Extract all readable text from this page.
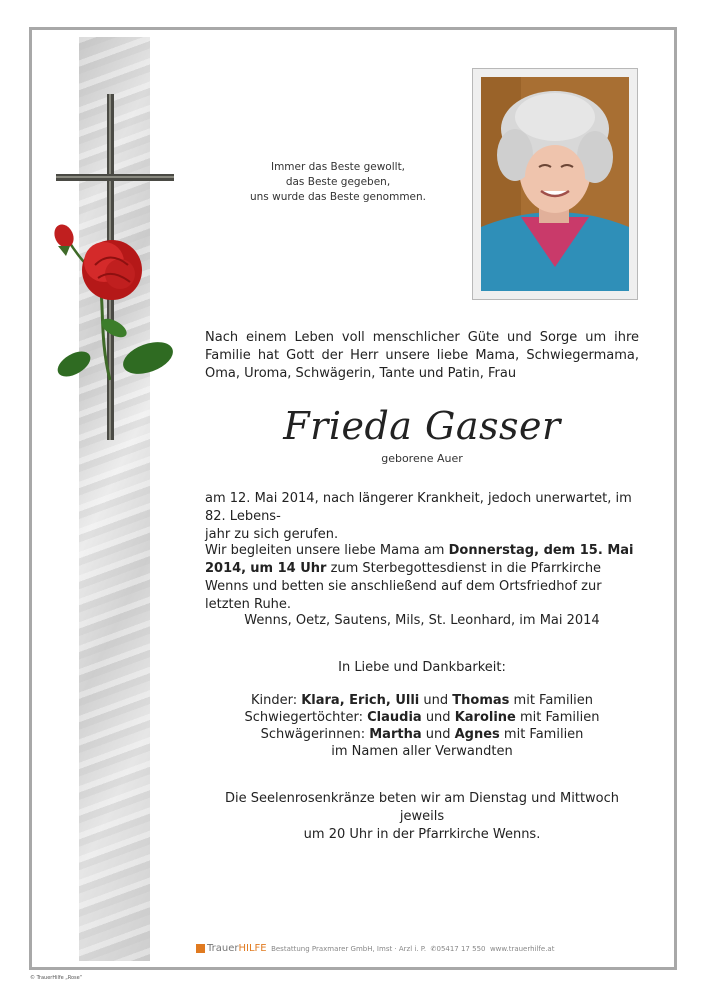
Immer das Beste gewollt,
das Beste gegeben,
uns wurde das Beste genommen.
Nach einem Leben voll menschlicher Güte und Sorge um ihre Familie hat Gott der Herr unsere liebe Mama, Schwiegermama, Oma, Uroma, Schwägerin, Tante und Patin, Frau
Frieda Gasser
geborene Auer
am 12. Mai 2014, nach längerer Krankheit, jedoch unerwartet, im 82. Lebens-
jahr zu sich gerufen.
Wir begleiten unsere liebe Mama am Donnerstag, dem 15. Mai 2014, um 14 Uhr zum Sterbegottesdienst in die Pfarrkirche Wenns und betten sie anschließend auf dem Ortsfriedhof zur letzten Ruhe.
Wenns, Oetz, Sautens, Mils, St. Leonhard, im Mai 2014
In Liebe und Dankbarkeit:
Kinder: Klara, Erich, Ulli und Thomas mit Familien
Schwiegertöchter: Claudia und Karoline mit Familien
Schwägerinnen: Martha und Agnes mit Familien
im Namen aller Verwandten
Die Seelenrosenkränze beten wir am Dienstag und Mittwoch jeweils
um 20 Uhr in der Pfarrkirche Wenns.
TrauerHILFE Bestattung Praxmarer GmbH, Imst · Arzl i. P. ✆05417 17 550 www.trauerhilfe.at
© TrauerHilfe „Rose“
